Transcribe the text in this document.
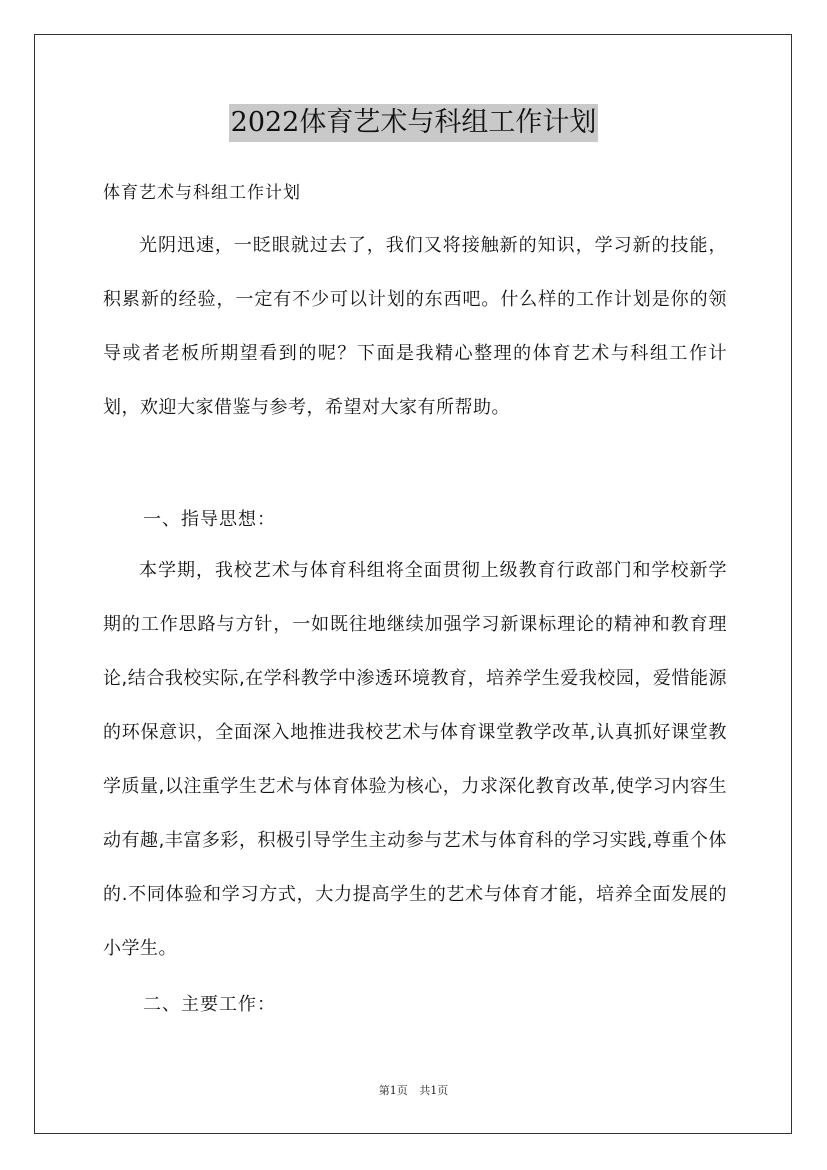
2022体育艺术与科组工作计划

体育艺术与科组工作计划

光阴迅速，一眨眼就过去了，我们又将接触新的知识，学习新的技能，积累新的经验，一定有不少可以计划的东西吧。什么样的工作计划是你的领导或者老板所期望看到的呢？下面是我精心整理的体育艺术与科组工作计划，欢迎大家借鉴与参考，希望对大家有所帮助。

一、指导思想：

本学期，我校艺术与体育科组将全面贯彻上级教育行政部门和学校新学期的工作思路与方针，一如既往地继续加强学习新课标理论的精神和教育理论,结合我校实际,在学科教学中渗透环境教育，培养学生爱我校园，爱惜能源的环保意识，全面深入地推进我校艺术与体育课堂教学改革,认真抓好课堂教学质量,以注重学生艺术与体育体验为核心，力求深化教育改革,使学习内容生动有趣,丰富多彩，积极引导学生主动参与艺术与体育科的学习实践,尊重个体的.不同体验和学习方式，大力提高学生的艺术与体育才能，培养全面发展的小学生。

二、主要工作：

第1页 共1页
